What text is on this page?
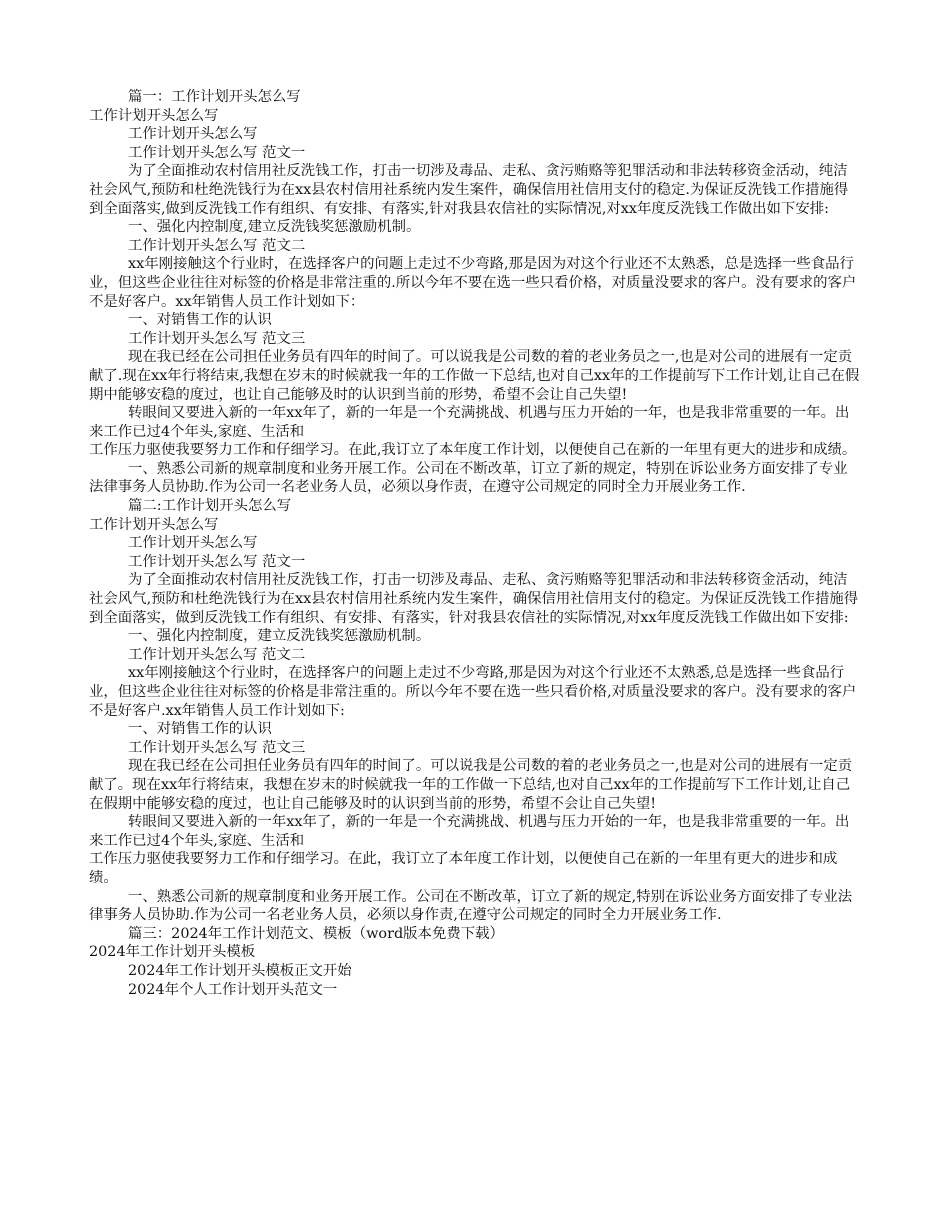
篇一：工作计划开头怎么写

工作计划开头怎么写

工作计划开头怎么写

工作计划开头怎么写 范文一

为了全面推动农村信用社反洗钱工作，打击一切涉及毒品、走私、贪污贿赂等犯罪活动和非法转移资金活动，纯洁社会风气,预防和杜绝洗钱行为在xx县农村信用社系统内发生案件，确保信用社信用支付的稳定.为保证反洗钱工作措施得到全面落实,做到反洗钱工作有组织、有安排、有落实,针对我县农信社的实际情况,对xx年度反洗钱工作做出如下安排:

一、强化内控制度,建立反洗钱奖惩激励机制。

工作计划开头怎么写 范文二

xx年刚接触这个行业时，在选择客户的问题上走过不少弯路,那是因为对这个行业还不太熟悉，总是选择一些食品行业，但这些企业往往对标签的价格是非常注重的.所以今年不要在选一些只看价格，对质量没要求的客户。没有要求的客户不是好客户。xx年销售人员工作计划如下：

一、对销售工作的认识

工作计划开头怎么写 范文三

现在我已经在公司担任业务员有四年的时间了。可以说我是公司数的着的老业务员之一,也是对公司的进展有一定贡献了.现在xx年行将结束,我想在岁末的时候就我一年的工作做一下总结,也对自己xx年的工作提前写下工作计划,让自己在假期中能够安稳的度过，也让自己能够及时的认识到当前的形势，希望不会让自己失望!

转眼间又要进入新的一年xx年了，新的一年是一个充满挑战、机遇与压力开始的一年，也是我非常重要的一年。出来工作已过4个年头,家庭、生活和

工作压力驱使我要努力工作和仔细学习。在此,我订立了本年度工作计划，以便使自己在新的一年里有更大的进步和成绩。

一、熟悉公司新的规章制度和业务开展工作。公司在不断改革，订立了新的规定，特别在诉讼业务方面安排了专业法律事务人员协助.作为公司一名老业务人员，必须以身作责，在遵守公司规定的同时全力开展业务工作.

篇二:工作计划开头怎么写

工作计划开头怎么写

工作计划开头怎么写

工作计划开头怎么写 范文一

为了全面推动农村信用社反洗钱工作，打击一切涉及毒品、走私、贪污贿赂等犯罪活动和非法转移资金活动，纯洁社会风气,预防和杜绝洗钱行为在xx县农村信用社系统内发生案件，确保信用社信用支付的稳定。为保证反洗钱工作措施得到全面落实，做到反洗钱工作有组织、有安排、有落实，针对我县农信社的实际情况,对xx年度反洗钱工作做出如下安排:

一、强化内控制度，建立反洗钱奖惩激励机制。

工作计划开头怎么写 范文二

xx年刚接触这个行业时，在选择客户的问题上走过不少弯路,那是因为对这个行业还不太熟悉,总是选择一些食品行业，但这些企业往往对标签的价格是非常注重的。所以今年不要在选一些只看价格,对质量没要求的客户。没有要求的客户不是好客户.xx年销售人员工作计划如下:

一、对销售工作的认识

工作计划开头怎么写 范文三

现在我已经在公司担任业务员有四年的时间了。可以说我是公司数的着的老业务员之一,也是对公司的进展有一定贡献了。现在xx年行将结束，我想在岁末的时候就我一年的工作做一下总结,也对自己xx年的工作提前写下工作计划,让自己在假期中能够安稳的度过，也让自己能够及时的认识到当前的形势，希望不会让自己失望!

转眼间又要进入新的一年xx年了，新的一年是一个充满挑战、机遇与压力开始的一年，也是我非常重要的一年。出来工作已过4个年头,家庭、生活和

工作压力驱使我要努力工作和仔细学习。在此，我订立了本年度工作计划，以便使自己在新的一年里有更大的进步和成绩。

一、熟悉公司新的规章制度和业务开展工作。公司在不断改革，订立了新的规定,特别在诉讼业务方面安排了专业法律事务人员协助.作为公司一名老业务人员，必须以身作责,在遵守公司规定的同时全力开展业务工作.

篇三：2024年工作计划范文、模板（word版本免费下载）

2024年工作计划开头模板

2024年工作计划开头模板正文开始

2024年个人工作计划开头范文一
